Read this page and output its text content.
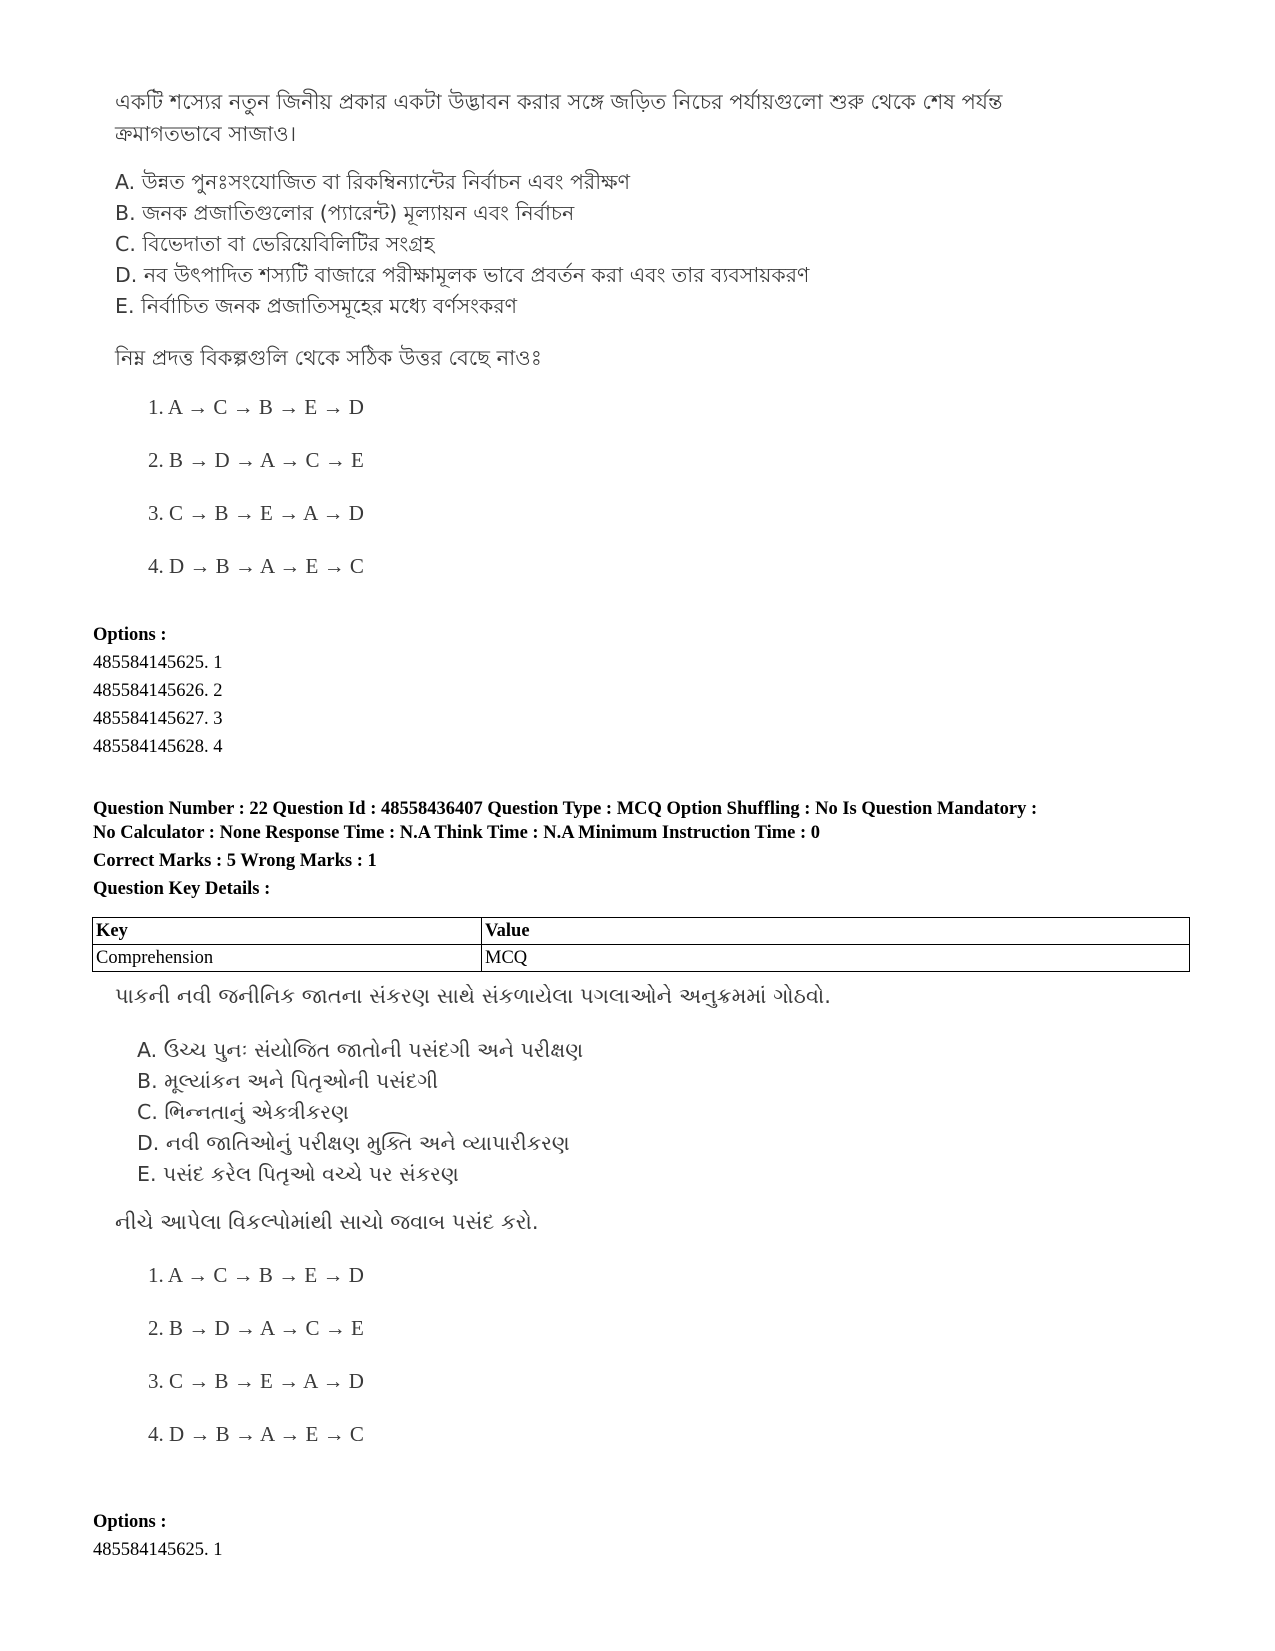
একটি শস্যের নতুন জিনীয় প্রকার একটা উদ্ভাবন করার সঙ্গে জড়িত নিচের পর্যায়গুলো শুরু থেকে শেষ পর্যন্ত ক্রমাগতভাবে সাজাও।

A. উন্নত পুনঃসংযোজিত বা রিকম্বিন্যান্টের নির্বাচন এবং পরীক্ষণ
B. জনক প্রজাতিগুলোর (প্যারেন্ট) মূল্যায়ন এবং নির্বাচন
C. বিভেদাতা বা ভেরিয়েবিলিটির সংগ্রহ
D. নব উৎপাদিত শস্যটি বাজারে পরীক্ষামূলক ভাবে প্রবর্তন করা এবং তার ব্যবসায়করণ
E. নির্বাচিত জনক প্রজাতিসমূহের মধ্যে বর্ণসংকরণ
নিম্ন প্রদত্ত বিকল্পগুলি থেকে সঠিক উত্তর বেছে নাওঃ
1. A → C → B → E → D
2. B → D → A → C → E
3. C → B → E → A → D
4. D → B → A → E → C
Options :
485584145625. 1
485584145626. 2
485584145627. 3
485584145628. 4
Question Number : 22 Question Id : 48558436407 Question Type : MCQ Option Shuffling : No Is Question Mandatory :
No Calculator : None Response Time : N.A Think Time : N.A Minimum Instruction Time : 0
Correct Marks : 5 Wrong Marks : 1
Question Key Details :
Key	Value
Comprehension	MCQ
પાકની નવી જનીનિક જાતના સંકરણ સાથે સંકળાયેલા પગલાઓને અનુક્રમમાં ગોઠવો.
A. ઉચ્ચ પુનઃ સંયોજિત જાતોની પસંદગી અને પરીક્ષણ
B. મૂલ્યાંકન અને પિતૃઓની પસંદગી
C. ભિન્નતાનું એકત્રીકરણ
D. નવી જાતિઓનું પરીક્ષણ મુક્તિ અને વ્યાપારીકરણ
E. પસંદ કરેલ પિતૃઓ વચ્ચે પર સંકરણ
નીચે આપેલા વિકલ્પોમાંથી સાચો જવાબ પસંદ કરો.
1. A → C → B → E → D
2. B → D → A → C → E
3. C → B → E → A → D
4. D → B → A → E → C
Options :
485584145625. 1
